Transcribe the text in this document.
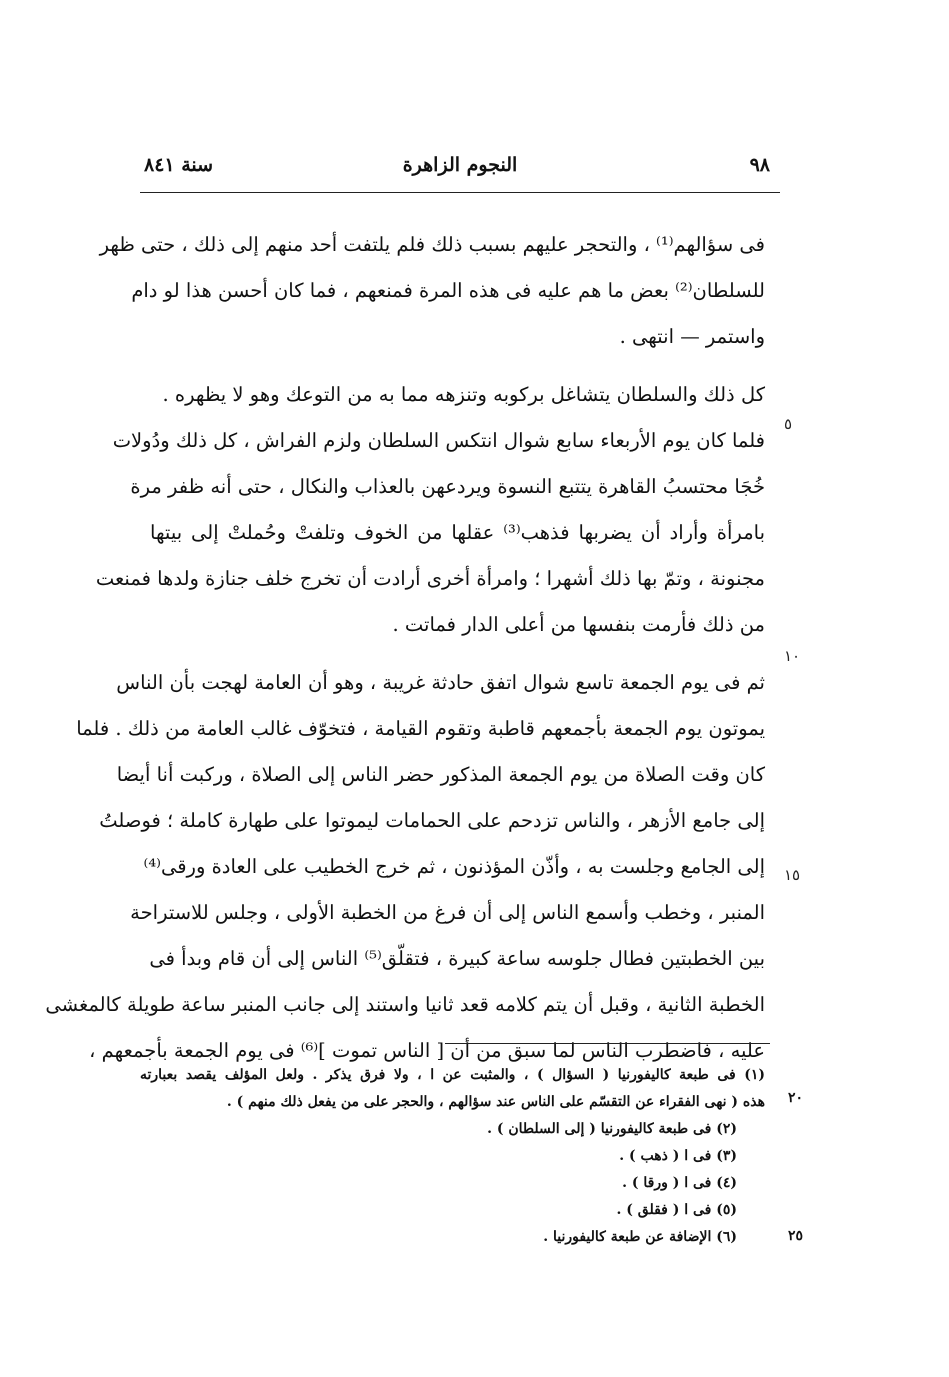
٩٨
النجوم الزاهرة
سنة ٨٤١
فى سؤالهم⁽¹⁾ ، والتحجر عليهم بسبب ذلك فلم يلتفت أحد منهم إلى ذلك ، حتى ظهر
للسلطان⁽²⁾ بعض ما هم عليه فى هذه المرة فمنعهم ، فما كان أحسن هذا لو دام
واستمر — انتهى .
كل ذلك والسلطان يتشاغل بركوبه وتنزهه مما به من التوعك وهو لا يظهره .
فلما كان يوم الأربعاء سابع شوال انتكس السلطان ولزم الفراش ، كل ذلك ودُولات
خُجَا محتسبُ القاهرة يتتبع النسوة ويردعهن بالعذاب والنكال ، حتى أنه ظفر مرة
بامرأة وأراد أن يضربها فذهب⁽³⁾ عقلها من الخوف وتلفتْ وحُملتْ إلى بيتها
مجنونة ، وتمّ بها ذلك أشهرا ؛ وامرأة أخرى أرادت أن تخرج خلف جنازة ولدها فمنعت
من ذلك فأرمت بنفسها من أعلى الدار فماتت .
ثم فى يوم الجمعة تاسع شوال اتفق حادثة غريبة ، وهو أن العامة لهجت بأن الناس
يموتون يوم الجمعة بأجمعهم قاطبة وتقوم القيامة ، فتخوّف غالب العامة من ذلك . فلما
كان وقت الصلاة من يوم الجمعة المذكور حضر الناس إلى الصلاة ، وركبت أنا أيضا
إلى جامع الأزهر ، والناس تزدحم على الحمامات ليموتوا على طهارة كاملة ؛ فوصلتُ
إلى الجامع وجلست به ، وأذّن المؤذنون ، ثم خرج الخطيب على العادة ورقى⁽⁴⁾
المنبر ، وخطب وأسمع الناس إلى أن فرغ من الخطبة الأولى ، وجلس للاستراحة
بين الخطبتين فطال جلوسه ساعة كبيرة ، فتقلّق⁽⁵⁾ الناس إلى أن قام وبدأ فى
الخطبة الثانية ، وقبل أن يتم كلامه قعد ثانيا واستند إلى جانب المنبر ساعة طويلة كالمغشى
عليه ، فاضطرب الناس لما سبق من أن [ الناس تموت ]⁽⁶⁾ فى يوم الجمعة بأجمعهم ،
٥
١٠
١٥
(١) فى طبعة كاليفورنيا ( السؤال ) ، والمثبت عن ا ، ولا فرق يذكر . ولعل المؤلف يقصد بعبارته
هذه ( نهى الفقراء عن التقسّم على الناس عند سؤالهم ، والحجر على من يفعل ذلك منهم ) .
(٢) فى طبعة كاليفورنيا ( إلى السلطان ) .
(٣) فى ا ( ذهب ) .
(٤) فى ا ( ورقا ) .
(٥) فى ا ( فقلق ) .
(٦) الإضافة عن طبعة كاليفورنيا .
٢٠
٢٥
